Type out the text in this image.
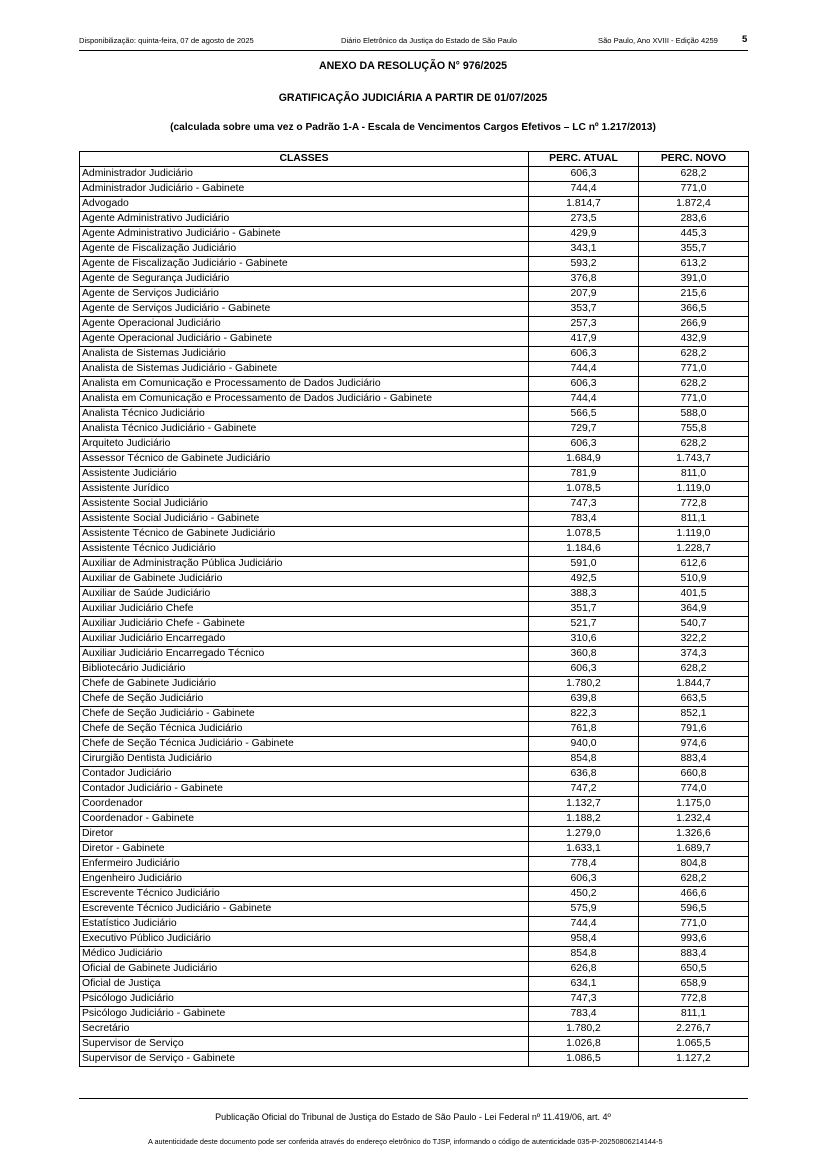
Disponibilização: quinta-feira, 07 de agosto de 2025	Diário Eletrônico da Justiça do Estado de São Paulo	São Paulo, Ano XVIII - Edição 4259	5
ANEXO DA RESOLUÇÃO N° 976/2025
GRATIFICAÇÃO JUDICIÁRIA A PARTIR DE 01/07/2025
(calculada sobre uma vez o Padrão 1-A - Escala de Vencimentos Cargos Efetivos – LC nº 1.217/2013)
CLASSES	PERC. ATUAL	PERC. NOVO
Administrador Judiciário	606,3	628,2
Administrador Judiciário - Gabinete	744,4	771,0
Advogado	1.814,7	1.872,4
Agente Administrativo Judiciário	273,5	283,6
Agente Administrativo Judiciário - Gabinete	429,9	445,3
Agente de Fiscalização Judiciário	343,1	355,7
Agente de Fiscalização Judiciário - Gabinete	593,2	613,2
Agente de Segurança Judiciário	376,8	391,0
Agente de Serviços Judiciário	207,9	215,6
Agente de Serviços Judiciário - Gabinete	353,7	366,5
Agente Operacional Judiciário	257,3	266,9
Agente Operacional Judiciário - Gabinete	417,9	432,9
Analista de Sistemas Judiciário	606,3	628,2
Analista de Sistemas Judiciário - Gabinete	744,4	771,0
Analista em Comunicação e Processamento de Dados Judiciário	606,3	628,2
Analista em Comunicação e Processamento de Dados Judiciário - Gabinete	744,4	771,0
Analista Técnico Judiciário	566,5	588,0
Analista Técnico Judiciário - Gabinete	729,7	755,8
Arquiteto Judiciário	606,3	628,2
Assessor Técnico de Gabinete Judiciário	1.684,9	1.743,7
Assistente Judiciário	781,9	811,0
Assistente Jurídico	1.078,5	1.119,0
Assistente Social Judiciário	747,3	772,8
Assistente Social Judiciário - Gabinete	783,4	811,1
Assistente Técnico de Gabinete Judiciário	1.078,5	1.119,0
Assistente Técnico Judiciário	1.184,6	1.228,7
Auxiliar de Administração Pública Judiciário	591,0	612,6
Auxiliar de Gabinete Judiciário	492,5	510,9
Auxiliar de Saúde Judiciário	388,3	401,5
Auxiliar Judiciário Chefe	351,7	364,9
Auxiliar Judiciário Chefe - Gabinete	521,7	540,7
Auxiliar Judiciário Encarregado	310,6	322,2
Auxiliar Judiciário Encarregado Técnico	360,8	374,3
Bibliotecário Judiciário	606,3	628,2
Chefe de Gabinete Judiciário	1.780,2	1.844,7
Chefe de Seção Judiciário	639,8	663,5
Chefe de Seção Judiciário - Gabinete	822,3	852,1
Chefe de Seção Técnica Judiciário	761,8	791,6
Chefe de Seção Técnica Judiciário - Gabinete	940,0	974,6
Cirurgião Dentista Judiciário	854,8	883,4
Contador Judiciário	636,8	660,8
Contador Judiciário - Gabinete	747,2	774,0
Coordenador	1.132,7	1.175,0
Coordenador - Gabinete	1.188,2	1.232,4
Diretor	1.279,0	1.326,6
Diretor - Gabinete	1.633,1	1.689,7
Enfermeiro Judiciário	778,4	804,8
Engenheiro Judiciário	606,3	628,2
Escrevente Técnico Judiciário	450,2	466,6
Escrevente Técnico Judiciário - Gabinete	575,9	596,5
Estatístico Judiciário	744,4	771,0
Executivo Público Judiciário	958,4	993,6
Médico Judiciário	854,8	883,4
Oficial de Gabinete Judiciário	626,8	650,5
Oficial de Justiça	634,1	658,9
Psicólogo Judiciário	747,3	772,8
Psicólogo Judiciário - Gabinete	783,4	811,1
Secretário	1.780,2	2.276,7
Supervisor de Serviço	1.026,8	1.065,5
Supervisor de Serviço - Gabinete	1.086,5	1.127,2
Publicação Oficial do Tribunal de Justiça do Estado de São Paulo - Lei Federal nº 11.419/06, art. 4º
A autenticidade deste documento pode ser conferida através do endereço eletrônico do TJSP, informando o código de autenticidade 035-P-20250806214144-5
